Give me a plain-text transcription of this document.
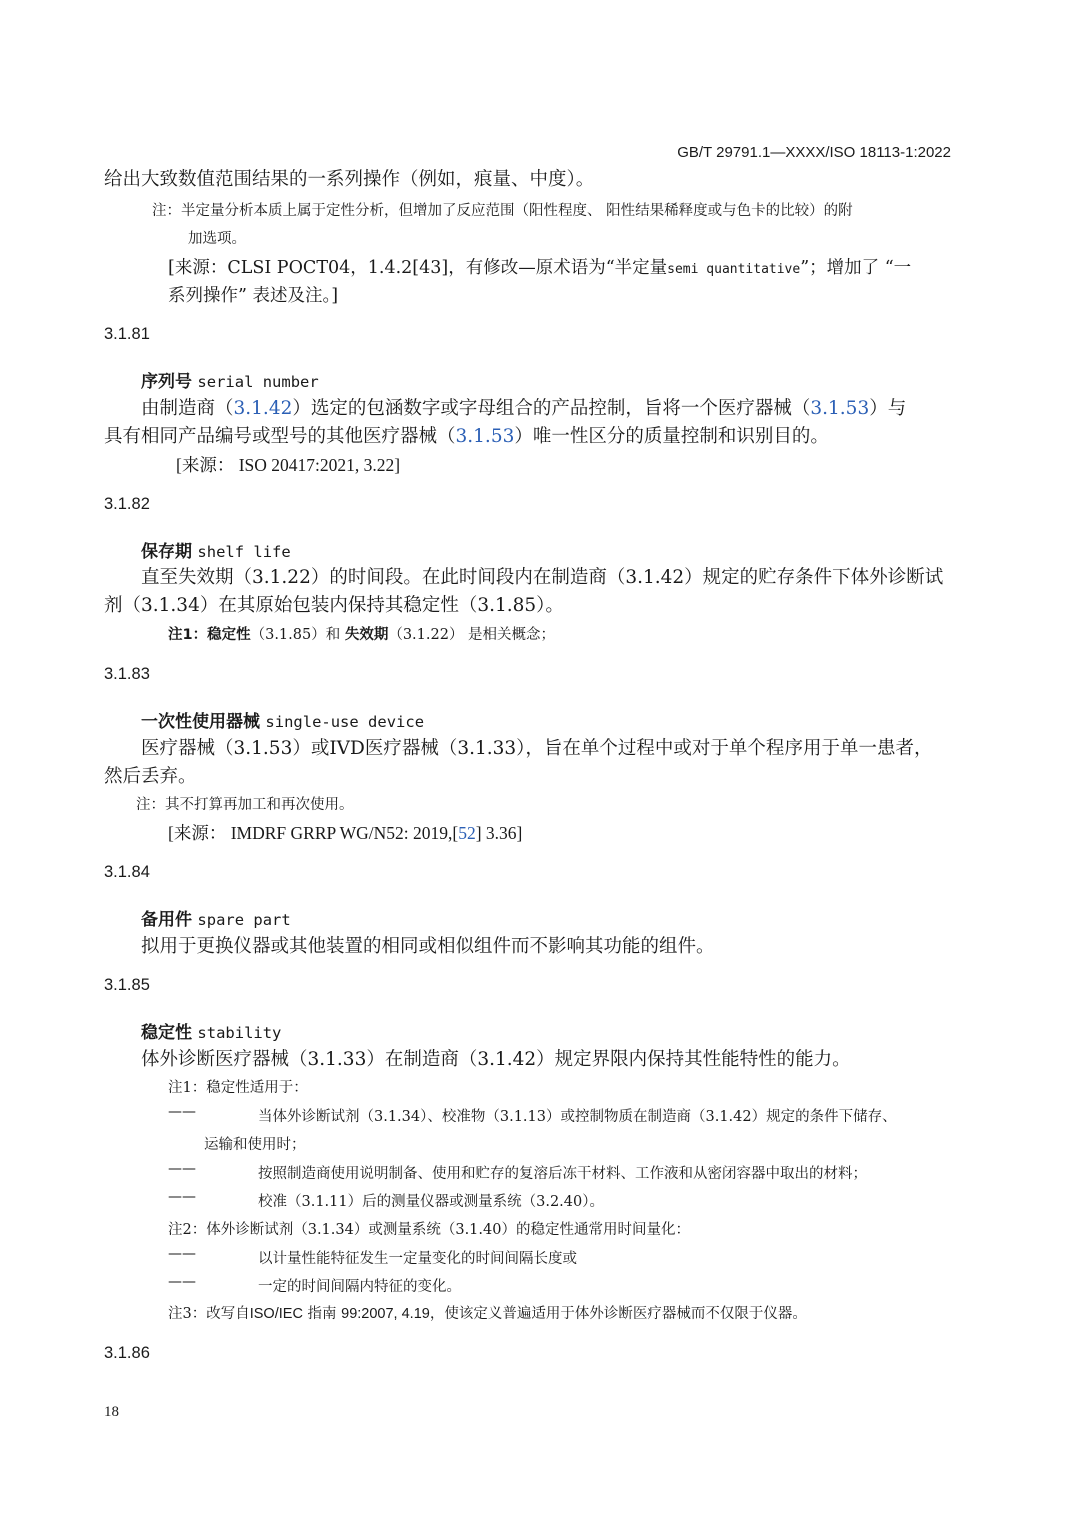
GB/T 29791.1—XXXX/ISO 18113-1:2022
给出大致数值范围结果的一系列操作（例如，痕量、中度）。
注：半定量分析本质上属于定性分析，但增加了反应范围（阳性程度、 阳性结果稀释度或与色卡的比较）的附
加选项。
[来源：CLSI POCT04，1.4.2[43]，有修改—原术语为“半定量semi quantitative”；增加了 “一
系列操作” 表述及注。]
3.1.81
序列号 serial number
由制造商（3.1.42）选定的包涵数字或字母组合的产品控制，旨将一个医疗器械（3.1.53）与
具有相同产品编号或型号的其他医疗器械（3.1.53）唯一性区分的质量控制和识别目的。
[来源： ISO 20417:2021, 3.22]
3.1.82
保存期 shelf life
直至失效期（3.1.22）的时间段。在此时间段内在制造商（3.1.42）规定的贮存条件下体外诊断试
剂（3.1.34）在其原始包装内保持其稳定性（3.1.85）。
注1：稳定性（3.1.85）和 失效期（3.1.22） 是相关概念；
3.1.83
一次性使用器械 single-use device
医疗器械（3.1.53）或IVD医疗器械（3.1.33），旨在单个过程中或对于单个程序用于单一患者，
然后丢弃。
注：其不打算再加工和再次使用。
[来源： IMDRF GRRP WG/N52: 2019,[52] 3.36]
3.1.84
备用件 spare part
拟用于更换仪器或其他装置的相同或相似组件而不影响其功能的组件。
3.1.85
稳定性 stability
体外诊断医疗器械（3.1.33）在制造商（3.1.42）规定界限内保持其性能特性的能力。
注1：稳定性适用于：
——	当体外诊断试剂（3.1.34）、校准物（3.1.13）或控制物质在制造商（3.1.42）规定的条件下储存、
运输和使用时；
——	按照制造商使用说明制备、使用和贮存的复溶后冻干材料、工作液和从密闭容器中取出的材料；
——	校准（3.1.11）后的测量仪器或测量系统（3.2.40）。
注2：体外诊断试剂（3.1.34）或测量系统（3.1.40）的稳定性通常用时间量化：
——	以计量性能特征发生一定量变化的时间间隔长度或
——	一定的时间间隔内特征的变化。
注3：改写自ISO/IEC 指南 99:2007, 4.19，使该定义普遍适用于体外诊断医疗器械而不仅限于仪器。
3.1.86
18
